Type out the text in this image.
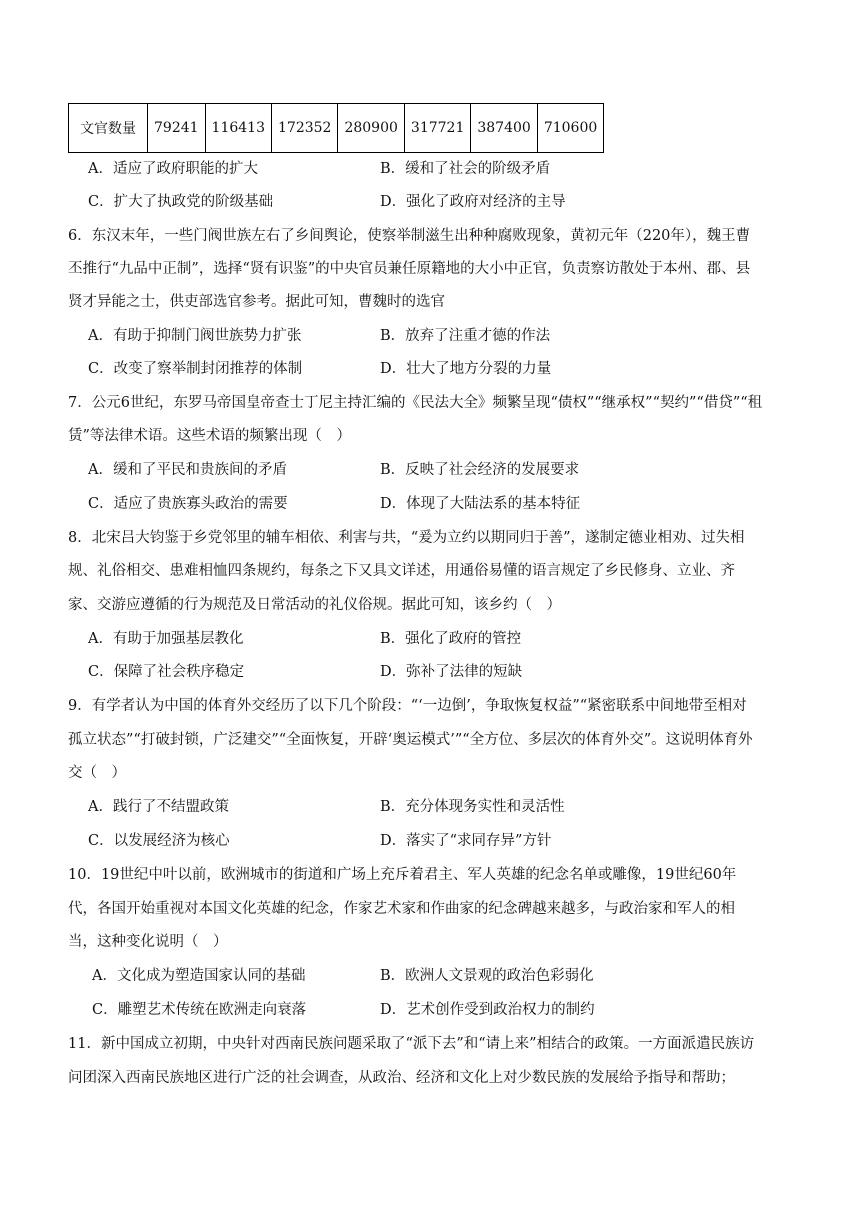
文官数量	79241	116413	172352	280900	317721	387400	710600
A．适应了政府职能的扩大	B．缓和了社会的阶级矛盾
C．扩大了执政党的阶级基础	D．强化了政府对经济的主导
6．东汉末年，一些门阀世族左右了乡间舆论，使察举制滋生出种种腐败现象，黄初元年（220年），魏王曹
丕推行“九品中正制”，选择“贤有识鉴”的中央官员兼任原籍地的大小中正官，负责察访散处于本州、郡、县
贤才异能之士，供吏部选官参考。据此可知，曹魏时的选官
A．有助于抑制门阀世族势力扩张	B．放弃了注重才德的作法
C．改变了察举制封闭推荐的体制	D．壮大了地方分裂的力量
7．公元6世纪，东罗马帝国皇帝查士丁尼主持汇编的《民法大全》频繁呈现“债权”“继承权”“契约”“借贷”“租
赁”等法律术语。这些术语的频繁出现（　）
A．缓和了平民和贵族间的矛盾	B．反映了社会经济的发展要求
C．适应了贵族寡头政治的需要	D．体现了大陆法系的基本特征
8．北宋吕大钧鉴于乡党邻里的辅车相依、利害与共，“爰为立约以期同归于善”，遂制定德业相劝、过失相
规、礼俗相交、患难相恤四条规约，每条之下又具文详述，用通俗易懂的语言规定了乡民修身、立业、齐
家、交游应遵循的行为规范及日常活动的礼仪俗规。据此可知，该乡约（　）
A．有助于加强基层教化	B．强化了政府的管控
C．保障了社会秩序稳定	D．弥补了法律的短缺
9．有学者认为中国的体育外交经历了以下几个阶段：“‘一边倒’，争取恢复权益”“紧密联系中间地带至相对
孤立状态”“打破封锁，广泛建交”“全面恢复，开辟‘奥运模式’”“全方位、多层次的体育外交”。这说明体育外
交（　）
A．践行了不结盟政策	B．充分体现务实性和灵活性
C．以发展经济为核心	D．落实了“求同存异”方针
10．19世纪中叶以前，欧洲城市的街道和广场上充斥着君主、军人英雄的纪念名单或雕像，19世纪60年
代，各国开始重视对本国文化英雄的纪念，作家艺术家和作曲家的纪念碑越来越多，与政治家和军人的相
当，这种变化说明（　）
A．文化成为塑造国家认同的基础	B．欧洲人文景观的政治色彩弱化
C．雕塑艺术传统在欧洲走向衰落	D．艺术创作受到政治权力的制约
11．新中国成立初期，中央针对西南民族问题采取了“派下去”和“请上来”相结合的政策。一方面派遣民族访
问团深入西南民族地区进行广泛的社会调查，从政治、经济和文化上对少数民族的发展给予指导和帮助；
